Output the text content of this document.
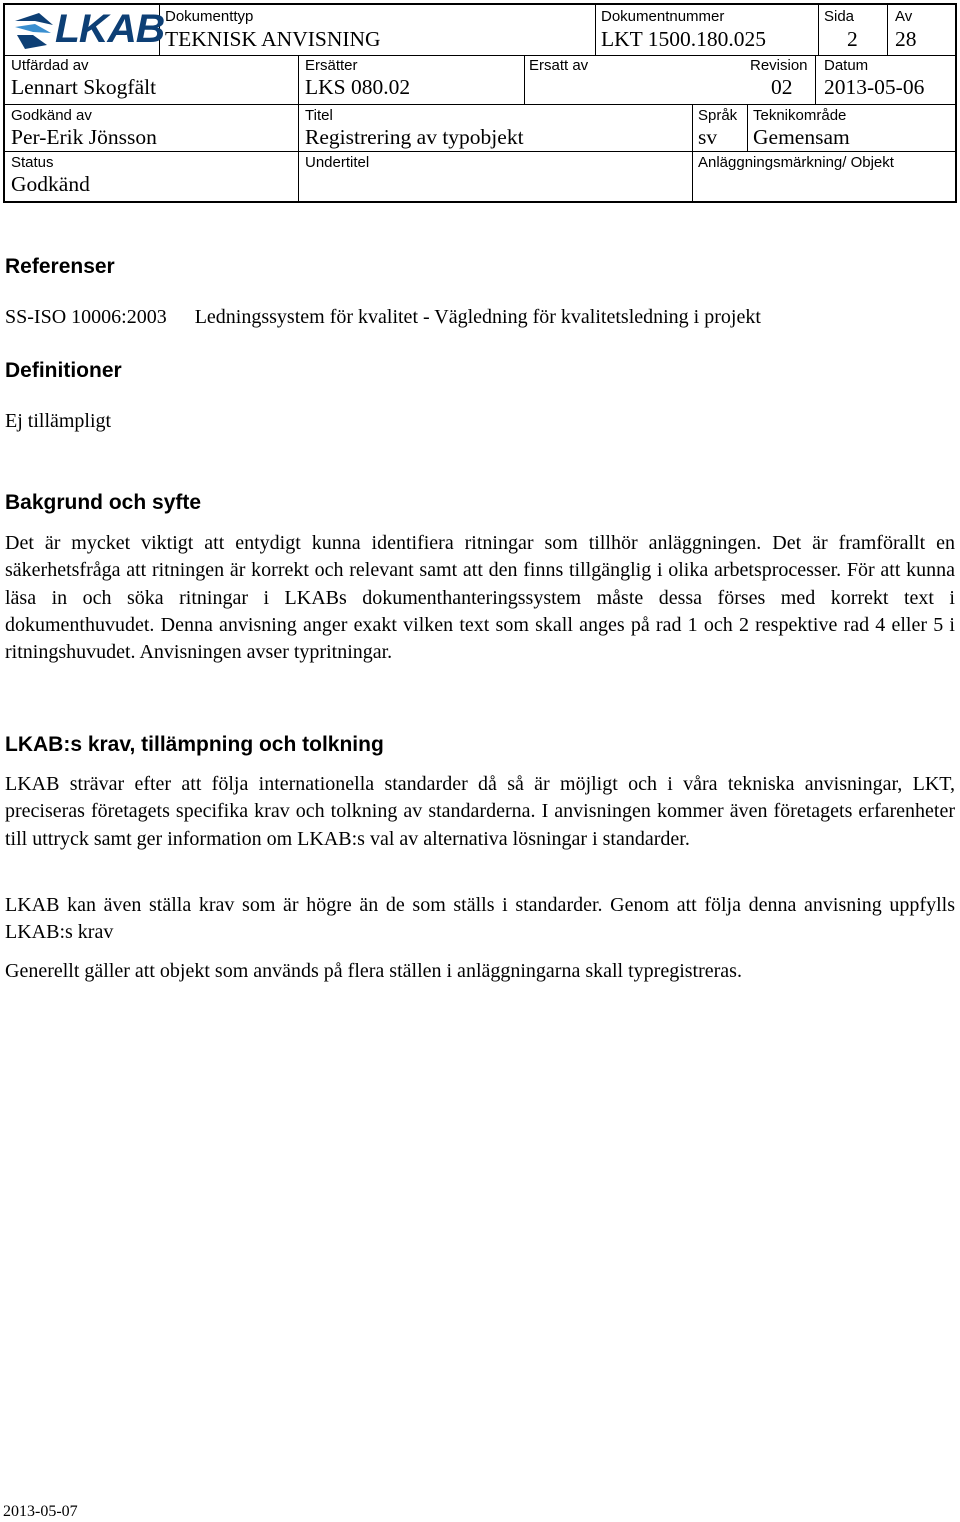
LKAB Dokumenttyp
TEKNISK ANVISNING
Dokumentnummer
LKT 1500.180.025
Sida
2
Av
28
Utfärdad av
Lennart Skogfält
Ersätter
LKS 080.02
Ersatt av	Revision
02
Datum
2013-05-06
Godkänd av
Per-Erik Jönsson
Titel
Registrering av typobjekt
Språk
sv
Teknikområde
Gemensam
Status
Godkänd
Undertitel	Anläggningsmärkning/ Objekt
Referenser
SS-ISO 10006:2003 Ledningssystem för kvalitet - Vägledning för kvalitetsledning i projekt
Definitioner
Ej tillämpligt
Bakgrund och syfte
Det är mycket viktigt att entydigt kunna identifiera ritningar som tillhör anläggningen. Det är framförallt en säkerhetsfråga att ritningen är korrekt och relevant samt att den finns tillgänglig i olika arbetsprocesser. För att kunna läsa in och söka ritningar i LKABs dokumenthanteringssystem måste dessa förses med korrekt text i dokumenthuvudet. Denna anvisning anger exakt vilken text som skall anges på rad 1 och 2 respektive rad 4 eller 5 i ritningshuvudet. Anvisningen avser typritningar.
LKAB:s krav, tillämpning och tolkning
LKAB strävar efter att följa internationella standarder då så är möjligt och i våra tekniska anvisningar, LKT, preciseras företagets specifika krav och tolkning av standarderna. I anvisningen kommer även företagets erfarenheter till uttryck samt ger information om LKAB:s val av alternativa lösningar i standarder.
LKAB kan även ställa krav som är högre än de som ställs i standarder. Genom att följa denna anvisning uppfylls LKAB:s krav
Generellt gäller att objekt som används på flera ställen i anläggningarna skall typregistreras.
2013-05-07
